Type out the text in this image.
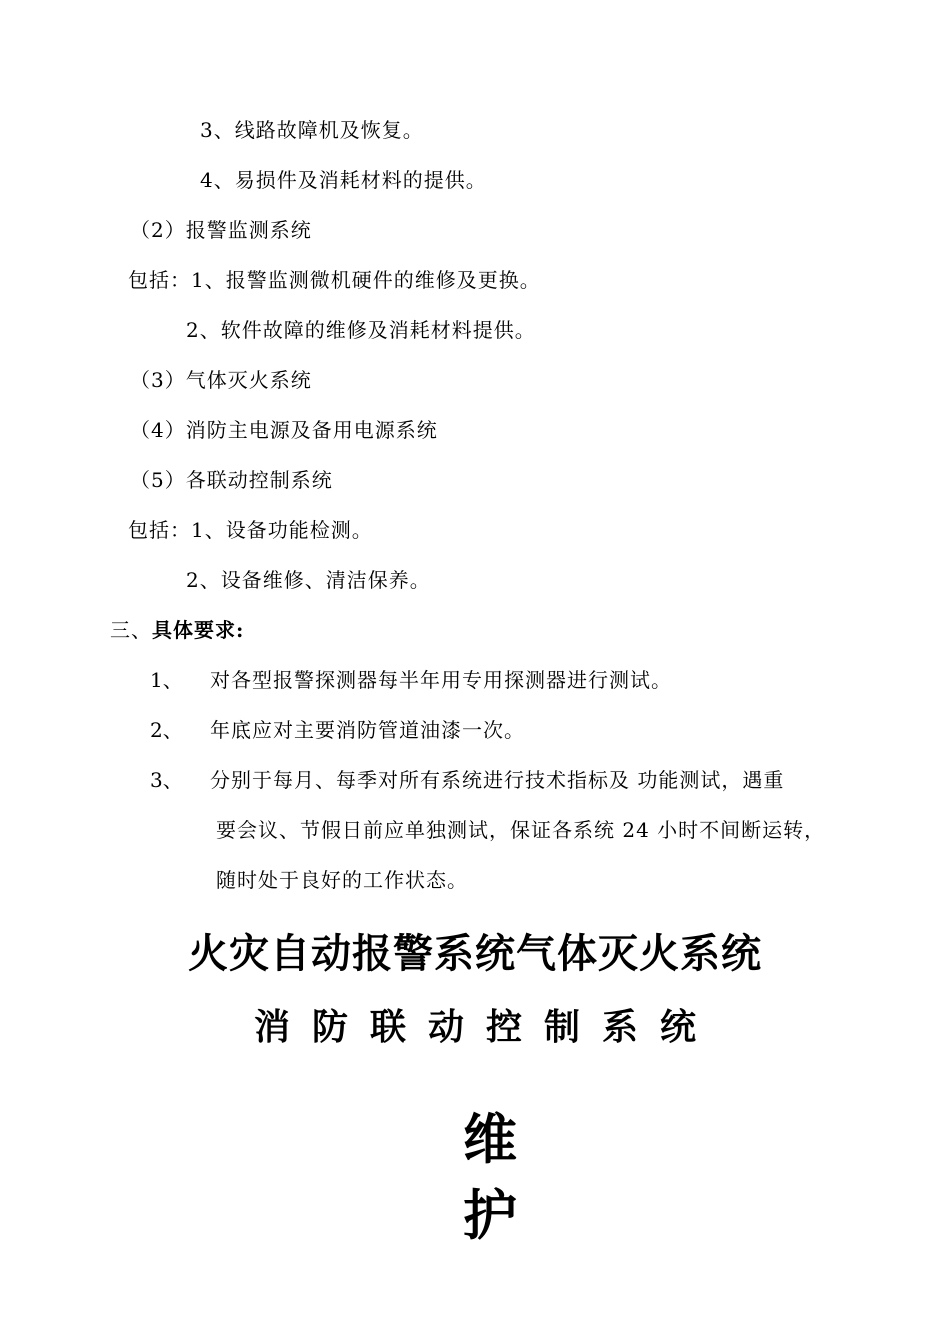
3、线路故障机及恢复。
4、易损件及消耗材料的提供。
（2）报警监测系统
包括：1、报警监测微机硬件的维修及更换。
2、软件故障的维修及消耗材料提供。
（3）气体灭火系统
（4）消防主电源及备用电源系统
（5）各联动控制系统
包括：1、设备功能检测。
2、设备维修、清洁保养。
三、具体要求:
1、 对各型报警探测器每半年用专用探测器进行测试。
2、 年底应对主要消防管道油漆一次。
3、 分别于每月、每季对所有系统进行技术指标及 功能测试，遇重
要会议、节假日前应单独测试，保证各系统 24 小时不间断运转，
随时处于良好的工作状态。
火灾自动报警系统气体灭火系统
消防联动控制系统
维
护
